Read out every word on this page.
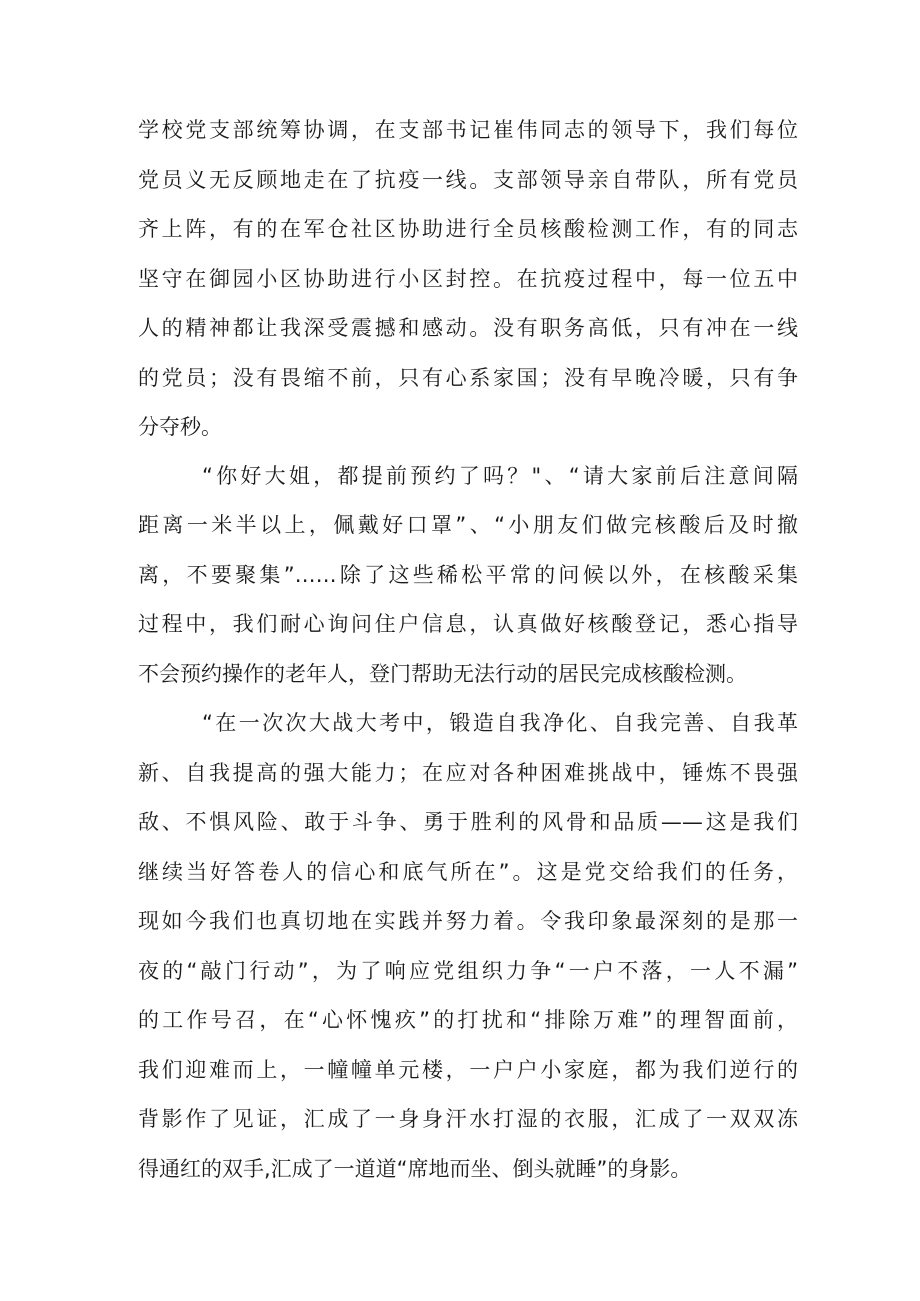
学校党支部统筹协调，在支部书记崔伟同志的领导下，我们每位

党员义无反顾地走在了抗疫一线。支部领导亲自带队，所有党员

齐上阵，有的在军仓社区协助进行全员核酸检测工作，有的同志

坚守在御园小区协助进行小区封控。在抗疫过程中，每一位五中

人的精神都让我深受震撼和感动。没有职务高低，只有冲在一线

的党员；没有畏缩不前，只有心系家国；没有早晚冷暖，只有争

分夺秒。

“你好大姐，都提前预约了吗？"、“请大家前后注意间隔

距离一米半以上，佩戴好口罩”、“小朋友们做完核酸后及时撤

离，不要聚集”……除了这些稀松平常的问候以外，在核酸采集

过程中，我们耐心询问住户信息，认真做好核酸登记，悉心指导

不会预约操作的老年人，登门帮助无法行动的居民完成核酸检测。

“在一次次大战大考中，锻造自我净化、自我完善、自我革

新、自我提高的强大能力；在应对各种困难挑战中，锤炼不畏强

敌、不惧风险、敢于斗争、勇于胜利的风骨和品质——这是我们

继续当好答卷人的信心和底气所在”。这是党交给我们的任务，

现如今我们也真切地在实践并努力着。令我印象最深刻的是那一

夜的“敲门行动”，为了响应党组织力争“一户不落，一人不漏”

的工作号召，在“心怀愧疚”的打扰和“排除万难”的理智面前，

我们迎难而上，一幢幢单元楼，一户户小家庭，都为我们逆行的

背影作了见证，汇成了一身身汗水打湿的衣服，汇成了一双双冻

得通红的双手,汇成了一道道“席地而坐、倒头就睡”的身影。
